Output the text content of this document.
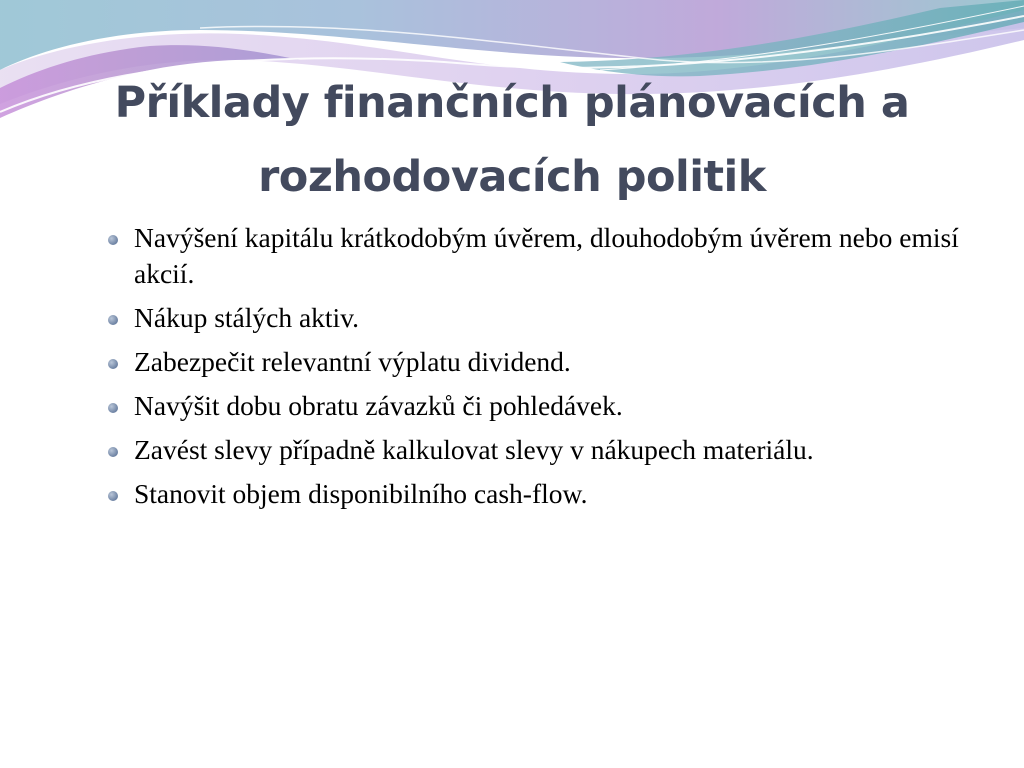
Příklady finančních plánovacích a
rozhodovacích politik
Navýšení kapitálu krátkodobým úvěrem, dlouhodobým úvěrem nebo emisí akcií.
Nákup stálých aktiv.
Zabezpečit relevantní výplatu dividend.
Navýšit dobu obratu závazků či pohledávek.
Zavést slevy případně kalkulovat slevy v nákupech materiálu.
Stanovit objem disponibilního cash-flow.
